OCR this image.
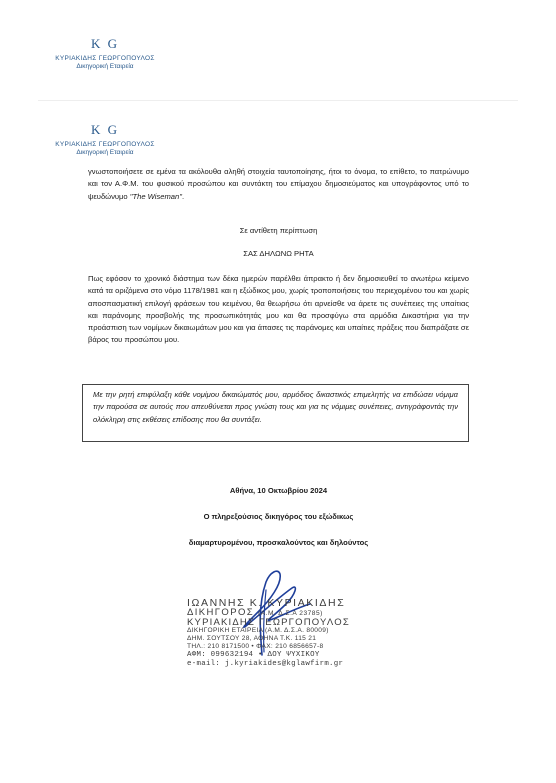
K G
ΚΥΡΙΑΚΙΔΗΣ ΓΕΩΡΓΟΠΟΥΛΟΣ
Δικηγορική Εταιρεία
K G
ΚΥΡΙΑΚΙΔΗΣ ΓΕΩΡΓΟΠΟΥΛΟΣ
Δικηγορική Εταιρεία
γνωστοποιήσετε σε εμένα τα ακόλουθα αληθή στοιχεία ταυτοποίησης, ήτοι το όνομα, το επίθετο, το πατρώνυμο και τον Α.Φ.Μ. του φυσικού προσώπου και συντάκτη του επίμαχου δημοσιεύματος και υπογράφοντος υπό το ψευδώνυμο "The Wiseman".
Σε αντίθετη περίπτωση
ΣΑΣ ΔΗΛΩΝΩ ΡΗΤΑ
Πως εφόσον το χρονικό διάστημα των δέκα ημερών παρέλθει άπρακτο ή δεν δημοσιευθεί το ανωτέρω κείμενο κατά τα οριζόμενα στο νόμο 1178/1981 και η εξώδικος μου, χωρίς τροποποιήσεις του περιεχομένου του και χωρίς αποσπασματική επιλογή φράσεων του κειμένου, θα θεωρήσω ότι αρνείσθε να άρετε τις συνέπειες της υπαίτιας και παράνομης προσβολής της προσωπικότητάς μου και θα προσφύγω στα αρμόδια Δικαστήρια για την προάσπιση των νομίμων δικαιωμάτων μου και για άπασες τις παράνομες και υπαίτιες πράξεις που διαπράξατε σε βάρος του προσώπου μου.
Με την ρητή επιφύλαξη κάθε νομίμου δικαιώματός μου, αρμόδιος δικαστικός επιμελητής να επιδώσει νόμιμα την παρούσα σε αυτούς που απευθύνεται προς γνώση τους και για τις νόμιμες συνέπειες, αντιγράφοντάς την ολόκληρη στις εκθέσεις επίδοσης που θα συντάξει.
Αθήνα, 10 Οκτωβρίου 2024
Ο πληρεξούσιος δικηγόρος του εξώδικως
διαμαρτυρομένου, προσκαλούντος και δηλούντος
ΙΩΑΝΝΗΣ Κ. ΚΥΡΙΑΚΙΔΗΣ
ΔΙΚΗΓΟΡΟΣ (Α.Μ. Δ.Σ.Α 23785)
ΚΥΡΙΑΚΙΔΗΣ ΓΕΩΡΓΟΠΟΥΛΟΣ
ΔΙΚΗΓΟΡΙΚΗ ΕΤΑΙΡΕΙΑ (Α.Μ. Δ.Σ.Α. 80009)
ΔΗΜ. ΣΟΥΤΣΟΥ 28, ΑΘΗΝΑ Τ.Κ. 115 21
ΤΗΛ.: 210 8171500 • ΦΑΧ: 210 6856657-8
ΑΦΜ: 099632194 • ΔΟΥ ΨΥΧΙΚΟΥ
e-mail: j.kyriakides@kglawfirm.gr
